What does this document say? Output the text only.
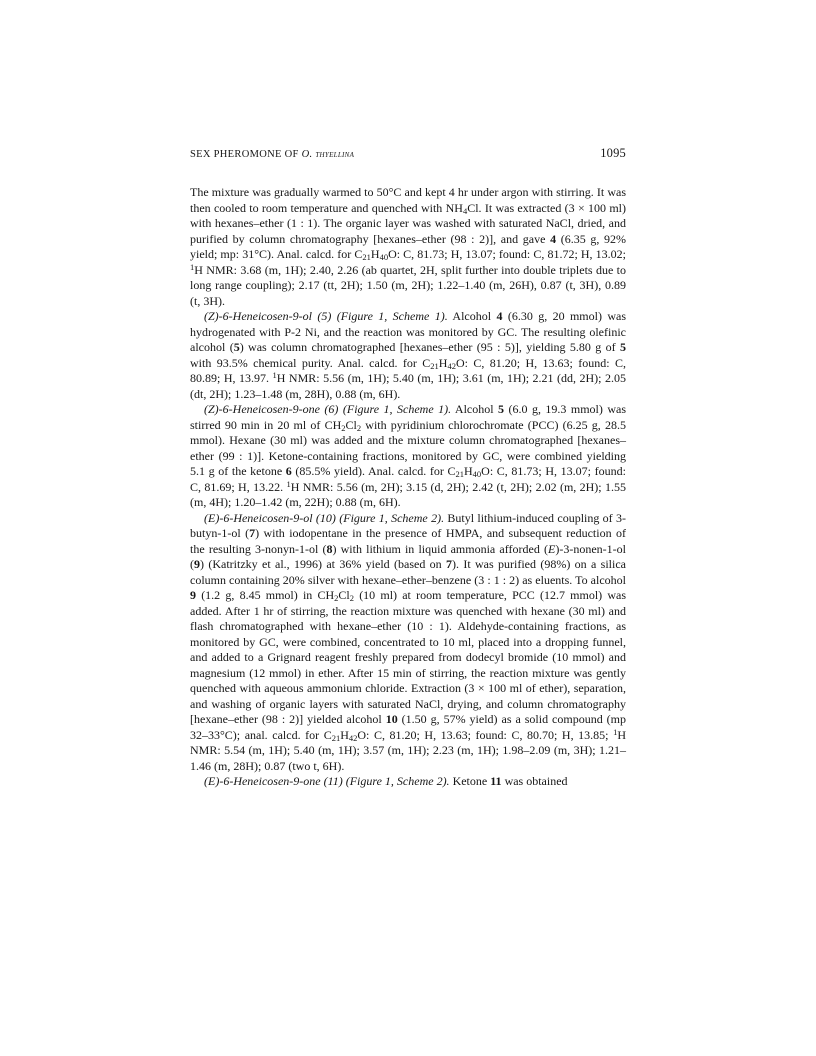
SEX PHEROMONE OF O. thyellina	1095

The mixture was gradually warmed to 50°C and kept 4 hr under argon with stirring. It was then cooled to room temperature and quenched with $NH_4Cl$. It was extracted (3 × 100 ml) with hexanes–ether (1 : 1). The organic layer was washed with saturated NaCl, dried, and purified by column chromatography [hexanes–ether (98 : 2)], and gave 4 (6.35 g, 92% yield; mp: 31°C). Anal. calcd. for $C_{21}H_{40}O$: C, 81.73; H, 13.07; found: C, 81.72; H, 13.02; $^1$H NMR: 3.68 (m, 1H); 2.40, 2.26 (ab quartet, 2H, split further into double triplets due to long range coupling); 2.17 (tt, 2H); 1.50 (m, 2H); 1.22–1.40 (m, 26H), 0.87 (t, 3H), 0.89 (t, 3H).

(Z)-6-Heneicosen-9-ol (5) (Figure 1, Scheme 1). Alcohol 4 (6.30 g, 20 mmol) was hydrogenated with P-2 Ni, and the reaction was monitored by GC. The resulting olefinic alcohol (5) was column chromatographed [hexanes–ether (95 : 5)], yielding 5.80 g of 5 with 93.5% chemical purity. Anal. calcd. for $C_{21}H_{42}O$: C, 81.20; H, 13.63; found: C, 80.89; H, 13.97. $^1$H NMR: 5.56 (m, 1H); 5.40 (m, 1H); 3.61 (m, 1H); 2.21 (dd, 2H); 2.05 (dt, 2H); 1.23–1.48 (m, 28H), 0.88 (m, 6H).

(Z)-6-Heneicosen-9-one (6) (Figure 1, Scheme 1). Alcohol 5 (6.0 g, 19.3 mmol) was stirred 90 min in 20 ml of $CH_2Cl_2$ with pyridinium chlorochromate (PCC) (6.25 g, 28.5 mmol). Hexane (30 ml) was added and the mixture column chromatographed [hexanes–ether (99 : 1)]. Ketone-containing fractions, monitored by GC, were combined yielding 5.1 g of the ketone 6 (85.5% yield). Anal. calcd. for $C_{21}H_{40}O$: C, 81.73; H, 13.07; found: C, 81.69; H, 13.22. $^1$H NMR: 5.56 (m, 2H); 3.15 (d, 2H); 2.42 (t, 2H); 2.02 (m, 2H); 1.55 (m, 4H); 1.20–1.42 (m, 22H); 0.88 (m, 6H).

(E)-6-Heneicosen-9-ol (10) (Figure 1, Scheme 2). Butyl lithium-induced coupling of 3-butyn-1-ol (7) with iodopentane in the presence of HMPA, and subsequent reduction of the resulting 3-nonyn-1-ol (8) with lithium in liquid ammonia afforded (E)-3-nonen-1-ol (9) (Katritzky et al., 1996) at 36% yield (based on 7). It was purified (98%) on a silica column containing 20% silver with hexane–ether–benzene (3 : 1 : 2) as eluents. To alcohol 9 (1.2 g, 8.45 mmol) in $CH_2Cl_2$ (10 ml) at room temperature, PCC (12.7 mmol) was added. After 1 hr of stirring, the reaction mixture was quenched with hexane (30 ml) and flash chromatographed with hexane–ether (10 : 1). Aldehyde-containing fractions, as monitored by GC, were combined, concentrated to 10 ml, placed into a dropping funnel, and added to a Grignard reagent freshly prepared from dodecyl bromide (10 mmol) and magnesium (12 mmol) in ether. After 15 min of stirring, the reaction mixture was gently quenched with aqueous ammonium chloride. Extraction (3 × 100 ml of ether), separation, and washing of organic layers with saturated NaCl, drying, and column chromatography [hexane–ether (98 : 2)] yielded alcohol 10 (1.50 g, 57% yield) as a solid compound (mp 32–33°C); anal. calcd. for $C_{21}H_{42}O$: C, 81.20; H, 13.63; found: C, 80.70; H, 13.85; $^1$H NMR: 5.54 (m, 1H); 5.40 (m, 1H); 3.57 (m, 1H); 2.23 (m, 1H); 1.98–2.09 (m, 3H); 1.21–1.46 (m, 28H); 0.87 (two t, 6H).

(E)-6-Heneicosen-9-one (11) (Figure 1, Scheme 2). Ketone 11 was obtained
